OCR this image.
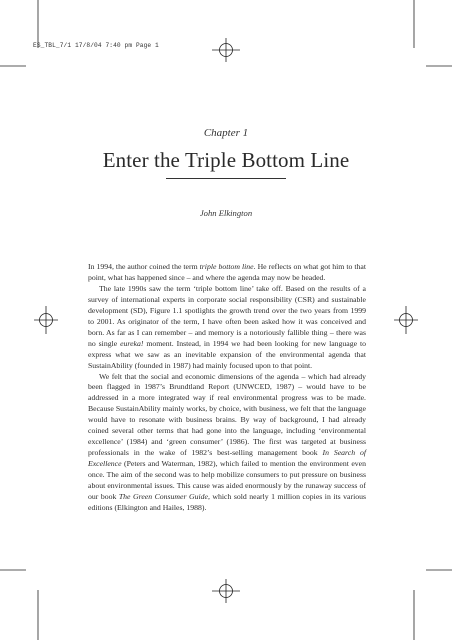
ES_TBL_7/1 17/8/04 7:40 pm Page 1
Chapter 1
Enter the Triple Bottom Line
John Elkington

In 1994, the author coined the term triple bottom line. He reflects on what got him to that point, what has happened since – and where the agenda may now be headed.

The late 1990s saw the term ‘triple bottom line’ take off. Based on the results of a survey of international experts in corporate social responsibility (CSR) and sustainable development (SD), Figure 1.1 spotlights the growth trend over the two years from 1999 to 2001. As originator of the term, I have often been asked how it was conceived and born. As far as I can remember – and memory is a notoriously fallible thing – there was no single eureka! moment. Instead, in 1994 we had been looking for new language to express what we saw as an inevitable expansion of the environmental agenda that SustainAbility (founded in 1987) had mainly focused upon to that point.

We felt that the social and economic dimensions of the agenda – which had already been flagged in 1987’s Brundtland Report (UNWCED, 1987) – would have to be addressed in a more integrated way if real environmental progress was to be made. Because SustainAbility mainly works, by choice, with business, we felt that the language would have to resonate with business brains. By way of background, I had already coined several other terms that had gone into the language, including ‘environmental excellence’ (1984) and ‘green consumer’ (1986). The first was targeted at business professionals in the wake of 1982’s best-selling management book In Search of Excellence (Peters and Waterman, 1982), which failed to mention the environment even once. The aim of the second was to help mobilize consumers to put pressure on business about environmental issues. This cause was aided enormously by the runaway success of our book The Green Consumer Guide, which sold nearly 1 million copies in its various editions (Elkington and Hailes, 1988).
